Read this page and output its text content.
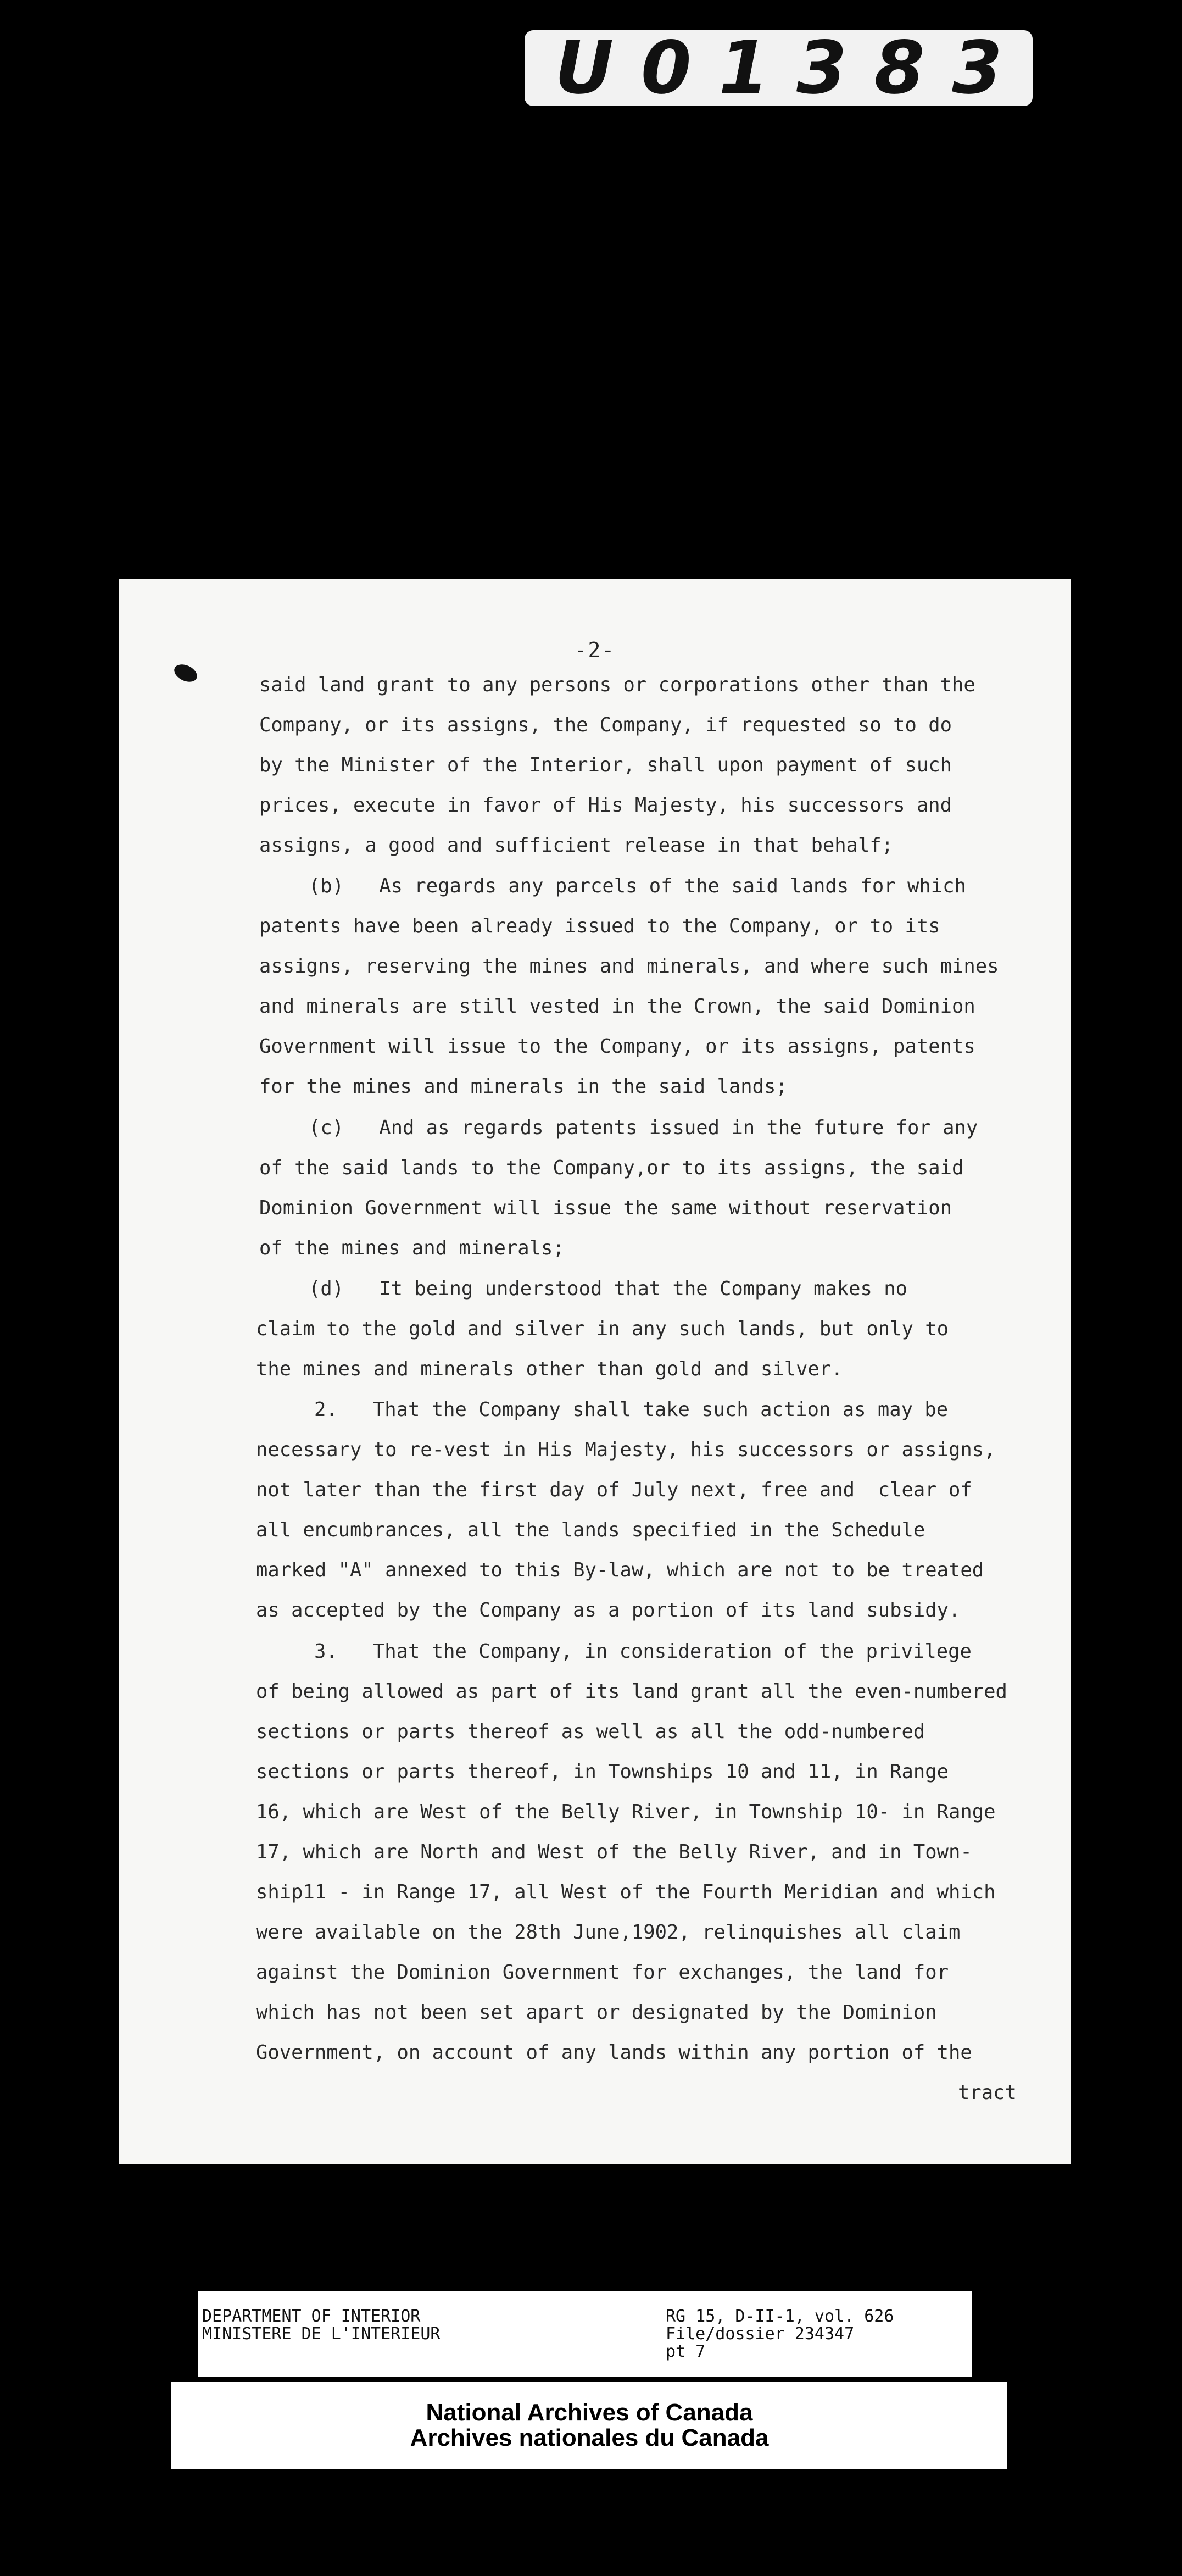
U 0 1 3 8 3
-2-
said land grant to any persons or corporations other than the
Company, or its assigns, the Company, if requested so to do
by the Minister of the Interior, shall upon payment of such
prices, execute in favor of His Majesty, his successors and
assigns, a good and sufficient release in that behalf;
(b)   As regards any parcels of the said lands for which
patents have been already issued to the Company, or to its
assigns, reserving the mines and minerals, and where such mines
and minerals are still vested in the Crown, the said Dominion
Government will issue to the Company, or its assigns, patents
for the mines and minerals in the said lands;
(c)   And as regards patents issued in the future for any
of the said lands to the Company,or to its assigns, the said
Dominion Government will issue the same without reservation
of the mines and minerals;
(d)   It being understood that the Company makes no
claim to the gold and silver in any such lands, but only to
the mines and minerals other than gold and silver.
2.   That the Company shall take such action as may be
necessary to re-vest in His Majesty, his successors or assigns,
not later than the first day of July next, free and  clear of
all encumbrances, all the lands specified in the Schedule
marked "A" annexed to this By-law, which are not to be treated
as accepted by the Company as a portion of its land subsidy.
3.   That the Company, in consideration of the privilege
of being allowed as part of its land grant all the even-numbered
sections or parts thereof as well as all the odd-numbered
sections or parts thereof, in Townships 10 and 11, in Range
16, which are West of the Belly River, in Township 10- in Range
17, which are North and West of the Belly River, and in Town-
ship11 - in Range 17, all West of the Fourth Meridian and which
were available on the 28th June,1902, relinquishes all claim
against the Dominion Government for exchanges, the land for
which has not been set apart or designated by the Dominion
Government, on account of any lands within any portion of the
tract
DEPARTMENT OF INTERIOR
MINISTERE DE L'INTERIEUR
RG 15, D-II-1, vol. 626
File/dossier 234347
pt 7
National Archives of Canada
Archives nationales du Canada
